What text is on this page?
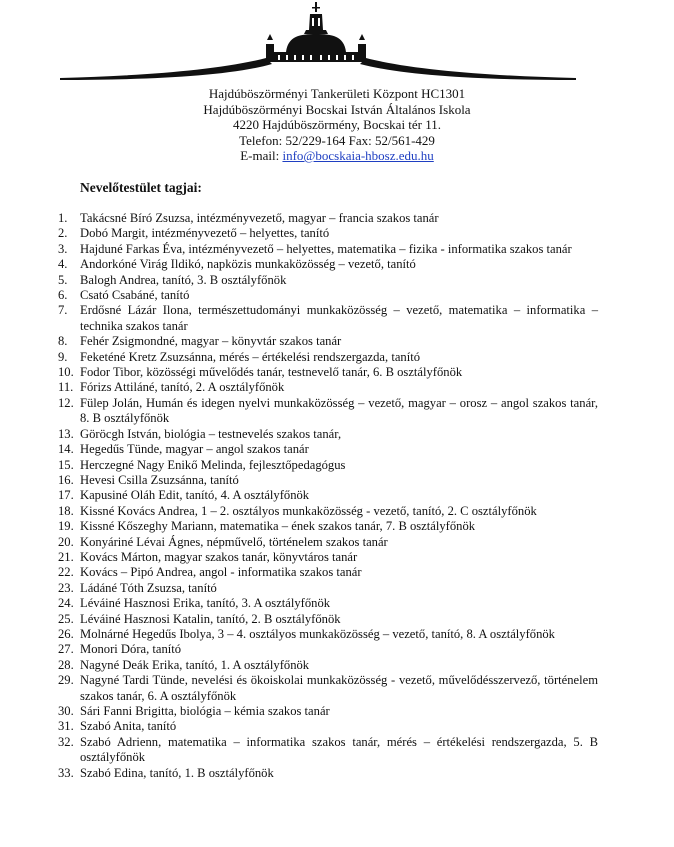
Hajdúböszörményi Tankerületi Központ HC1301
Hajdúböszörményi Bocskai István Általános Iskola
4220 Hajdúböszörmény, Bocskai tér 11.
Telefon: 52/229-164 Fax: 52/561-429
E-mail: info@bocskaia-hbosz.edu.hu
Nevelőtestület tagjai:
1. Takácsné Bíró Zsuzsa, intézményvezető, magyar – francia szakos tanár
2. Dobó Margit, intézményvezető – helyettes, tanító
3. Hajduné Farkas Éva, intézményvezető – helyettes, matematika – fizika - informatika szakos tanár
4. Andorkóné Virág Ildikó, napközis munkaközösség – vezető, tanító
5. Balogh Andrea, tanító, 3. B osztályfőnök
6. Csató Csabáné, tanító
7. Erdősné Lázár Ilona, természettudományi munkaközösség – vezető, matematika – informatika – technika szakos tanár
8. Fehér Zsigmondné, magyar – könyvtár szakos tanár
9. Feketéné Kretz Zsuzsánna, mérés – értékelési rendszergazda, tanító
10. Fodor Tibor, közösségi művelődés tanár, testnevelő tanár, 6. B osztályfőnök
11. Fórizs Attiláné, tanító, 2. A osztályfőnök
12. Fülep Jolán, Humán és idegen nyelvi munkaközösség – vezető, magyar – orosz – angol szakos tanár, 8. B osztályfőnök
13. Göröcgh István, biológia – testnevelés szakos tanár,
14. Hegedűs Tünde, magyar – angol szakos tanár
15. Herczegné Nagy Enikő Melinda, fejlesztőpedagógus
16. Hevesi Csilla Zsuzsánna, tanító
17. Kapusiné Oláh Edit, tanító, 4. A osztályfőnök
18. Kissné Kovács Andrea, 1 – 2. osztályos munkaközösség - vezető, tanító, 2. C osztályfőnök
19. Kissné Kőszeghy Mariann, matematika – ének szakos tanár, 7. B osztályfőnök
20. Konyáriné Lévai Ágnes, népművelő, történelem szakos tanár
21. Kovács Márton, magyar szakos tanár, könyvtáros tanár
22. Kovács – Pipó Andrea, angol - informatika szakos tanár
23. Ládáné Tóth Zsuzsa, tanító
24. Léváiné Hasznosi Erika, tanító, 3. A osztályfőnök
25. Léváiné Hasznosi Katalin, tanító, 2. B osztályfőnök
26. Molnárné Hegedűs Ibolya, 3 – 4. osztályos munkaközösség – vezető, tanító, 8. A osztályfőnök
27. Monori Dóra, tanító
28. Nagyné Deák Erika, tanító, 1. A osztályfőnök
29. Nagyné Tardi Tünde, nevelési és ökoiskolai munkaközösség - vezető, művelődésszervező, történelem szakos tanár, 6. A osztályfőnök
30. Sári Fanni Brigitta, biológia – kémia szakos tanár
31. Szabó Anita, tanító
32. Szabó Adrienn, matematika – informatika szakos tanár, mérés – értékelési rendszergazda, 5. B osztályfőnök
33. Szabó Edina, tanító, 1. B osztályfőnök
